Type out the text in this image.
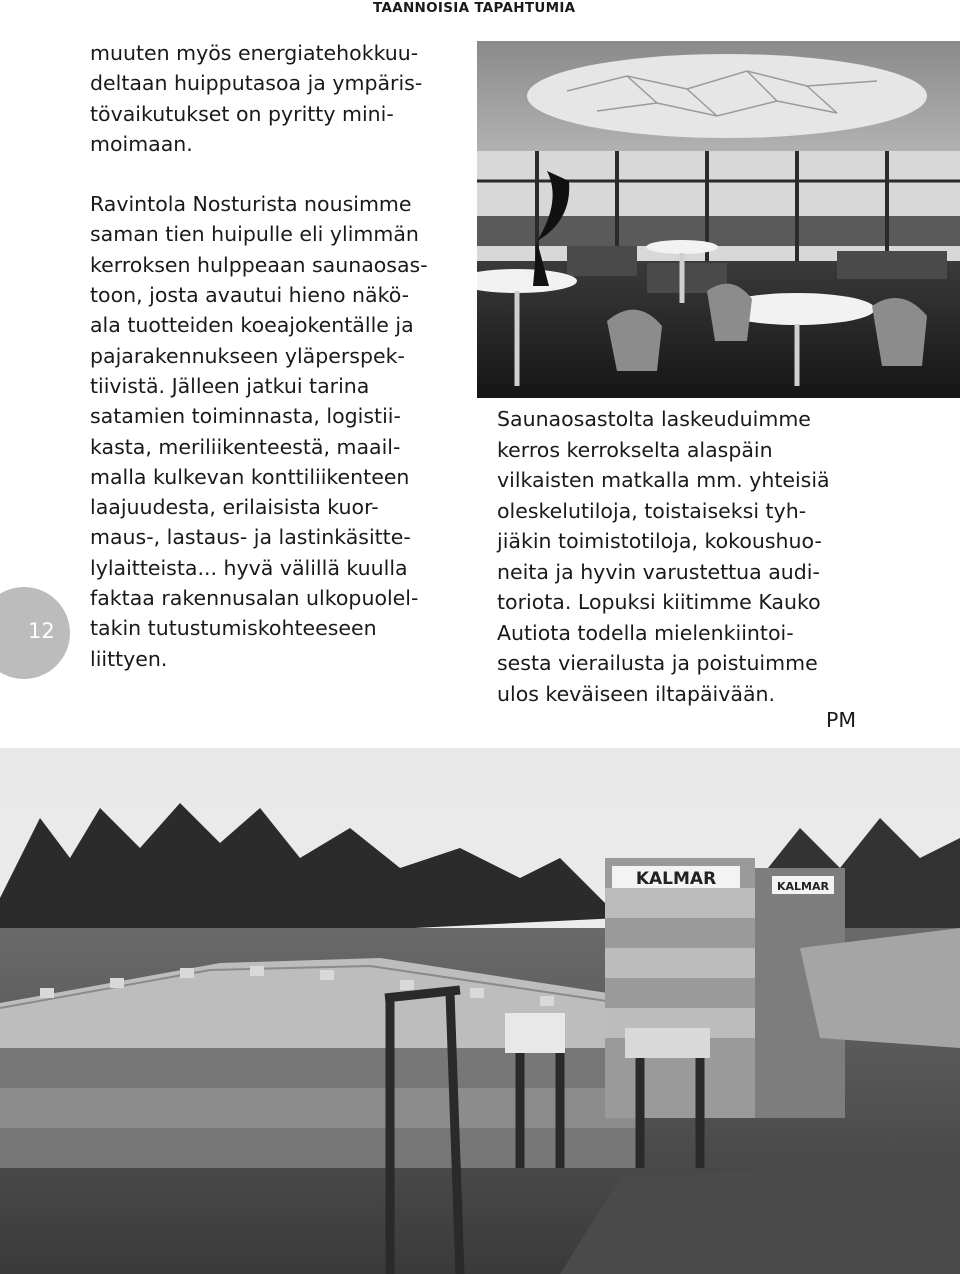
TAANNOISIA TAPAHTUMIA
12

muuten myös energiatehokkuu-
deltaan huipputasoa ja ympäris-
tövaikutukset on pyritty mini-
moimaan.

Ravintola Nosturista nousimme
saman tien huipulle eli ylimmän
kerroksen hulppeaan saunaosas-
toon, josta avautui hieno näkö-
ala tuotteiden koeajokentälle ja
pajarakennukseen yläperspek-
tiivistä. Jälleen jatkui tarina
satamien toiminnasta, logistii-
kasta, meriliikenteestä, maail-
malla kulkevan konttiliikenteen
laajuudesta, erilaisista kuor-
maus-, lastaus- ja lastinkäsitte-
lylaitteista... hyvä välillä kuulla
faktaa rakennusalan ulkopuolel-
takin tutustumiskohteeseen
liittyen.

Saunaosastolta laskeuduimme
kerros kerrokselta alaspäin
vilkaisten matkalla mm. yhteisiä
oleskelutiloja, toistaiseksi tyh-
jiäkin toimistotiloja, kokoushuo-
neita ja hyvin varustettua audi-
toriota. Lopuksi kiitimme Kauko
Autiota todella mielenkiintoi-
sesta vierailusta ja poistuimme
ulos keväiseen iltapäivään.

PM
KALMAR	KALMAR
